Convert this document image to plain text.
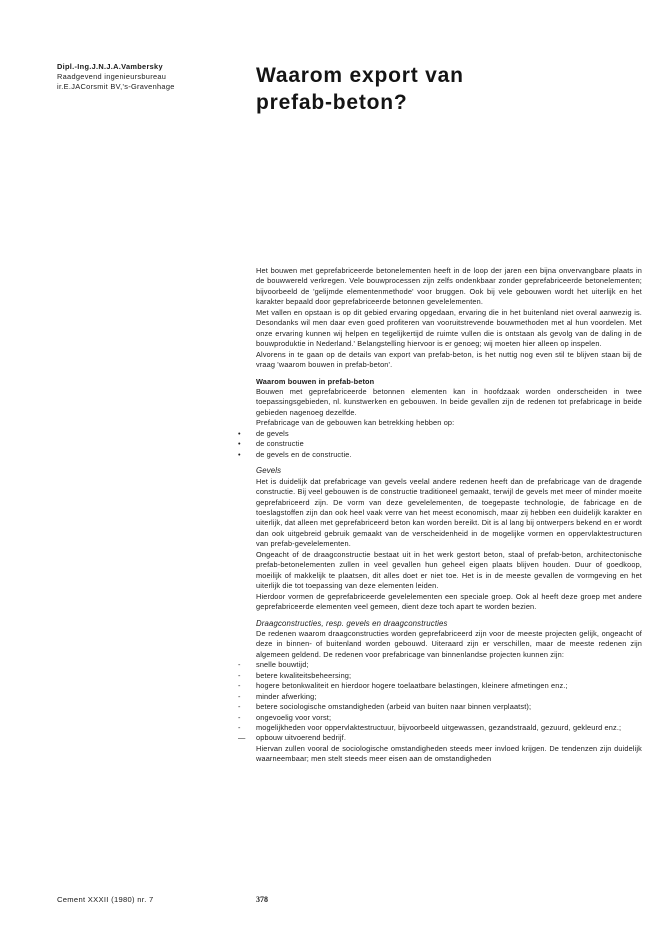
Dipl.-Ing.J.N.J.A.Vambersky
Raadgevend ingenieursbureau
ir.E.JACorsmit BV,'s-Gravenhage	Waarom export van
prefab-beton?

Het bouwen met geprefabriceerde betonelementen heeft in de loop der jaren een bijna onvervangbare plaats in de bouwwereld verkregen. Vele bouwprocessen zijn zelfs ondenkbaar zonder geprefabriceerde betonelementen; bijvoorbeeld de 'gelijmde elementenmethode' voor bruggen. Ook bij vele gebouwen wordt het uiterlijk en het karakter bepaald door geprefabriceerde betonnen gevelelementen.

Met vallen en opstaan is op dit gebied ervaring opgedaan, ervaring die in het buitenland niet overal aanwezig is. Desondanks wil men daar even goed profiteren van vooruitstrevende bouwmethoden met al hun voordelen. Met onze ervaring kunnen wij helpen en tegelijkertijd de ruimte vullen die is ontstaan als gevolg van de daling in de bouwproduktie in Nederland.' Belangstelling hiervoor is er genoeg; wij moeten hier alleen op inspelen.

Alvorens in te gaan op de details van export van prefab-beton, is het nuttig nog even stil te blijven staan bij de vraag 'waarom bouwen in prefab-beton'.

Waarom bouwen in prefab-beton

Bouwen met geprefabriceerde betonnen elementen kan in hoofdzaak worden onderscheiden in twee toepassingsgebieden, nl. kunstwerken en gebouwen. In beide gevallen zijn de redenen tot prefabricage in beide gebieden nagenoeg dezelfde.

Prefabricage van de gebouwen kan betrekking hebben op:

•	de gevels
•	de constructie
•	de gevels en de constructie.

Gevels

Het is duidelijk dat prefabricage van gevels veelal andere redenen heeft dan de prefabricage van de dragende constructie. Bij veel gebouwen is de constructie traditioneel gemaakt, terwijl de gevels met meer of minder moeite geprefabriceerd zijn. De vorm van deze gevelelementen, de toegepaste technologie, de fabricage en de toeslagstoffen zijn dan ook heel vaak verre van het meest economisch, maar zij hebben een duidelijk karakter en uiterlijk, dat alleen met geprefabriceerd beton kan worden bereikt. Dit is al lang bij ontwerpers bekend en er wordt dan ook uitgebreid gebruik gemaakt van de verscheidenheid in de mogelijke vormen en oppervlaktestructuren van prefab-gevelelementen.

Ongeacht of de draagconstructie bestaat uit in het werk gestort beton, staal of prefab-beton, architectonische prefab-betonelementen zullen in veel gevallen hun geheel eigen plaats blijven houden. Duur of goedkoop, moeilijk of makkelijk te plaatsen, dit alles doet er niet toe. Het is in de meeste gevallen de vormgeving en het uiterlijk die tot toepassing van deze elementen leiden.

Hierdoor vormen de geprefabriceerde gevelelementen een speciale groep. Ook al heeft deze groep met andere geprefabriceerde elementen veel gemeen, dient deze toch apart te worden bezien.

Draagconstructies, resp. gevels en draagconstructies

De redenen waarom draagconstructies worden geprefabriceerd zijn voor de meeste projecten gelijk, ongeacht of deze in binnen- of buitenland worden gebouwd. Uiteraard zijn er verschillen, maar de meeste redenen zijn algemeen geldend. De redenen voor prefabricage van binnenlandse projecten kunnen zijn:

-	snelle bouwtijd;
-	betere kwaliteitsbeheersing;
-	hogere betonkwaliteit en hierdoor hogere toelaatbare belastingen, kleinere afmetingen enz.;
-	minder afwerking;
-	betere sociologische omstandigheden (arbeid van buiten naar binnen verplaatst);
-	ongevoelig voor vorst;
-	mogelijkheden voor oppervlaktestructuur, bijvoorbeeld uitgewassen, gezandstraald, gezuurd, gekleurd enz.;
—	opbouw uitvoerend bedrijf.

Hiervan zullen vooral de sociologische omstandigheden steeds meer invloed krijgen. De tendenzen zijn duidelijk waarneembaar; men stelt steeds meer eisen aan de omstandigheden

Cement XXXII (1980) nr. 7	378
